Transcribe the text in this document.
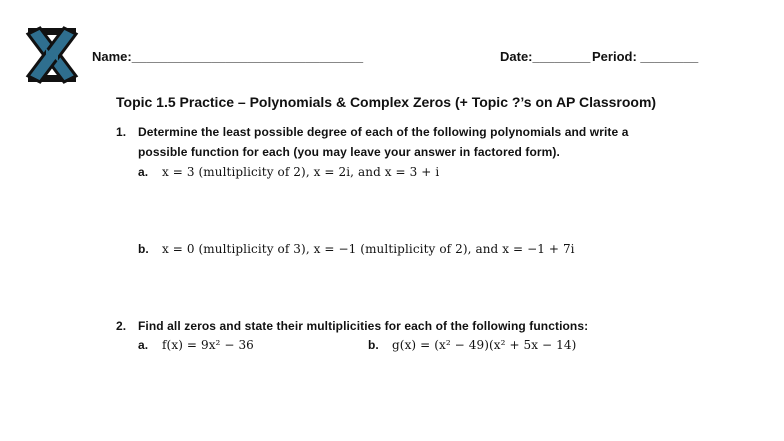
Name:________________________________	Date:________ Period: ________
Topic 1.5 Practice – Polynomials & Complex Zeros (+ Topic ?’s on AP Classroom)
1. Determine the least possible degree of each of the following polynomials and write a
possible function for each (you may leave your answer in factored form).
a. x = 3 (multiplicity of 2), x = 2i, and x = 3 + i
b. x = 0 (multiplicity of 3), x = −1 (multiplicity of 2), and x = −1 + 7i
2. Find all zeros and state their multiplicities for each of the following functions:
a. f(x) = 9x² − 36	b. g(x) = (x² − 49)(x² + 5x − 14)
